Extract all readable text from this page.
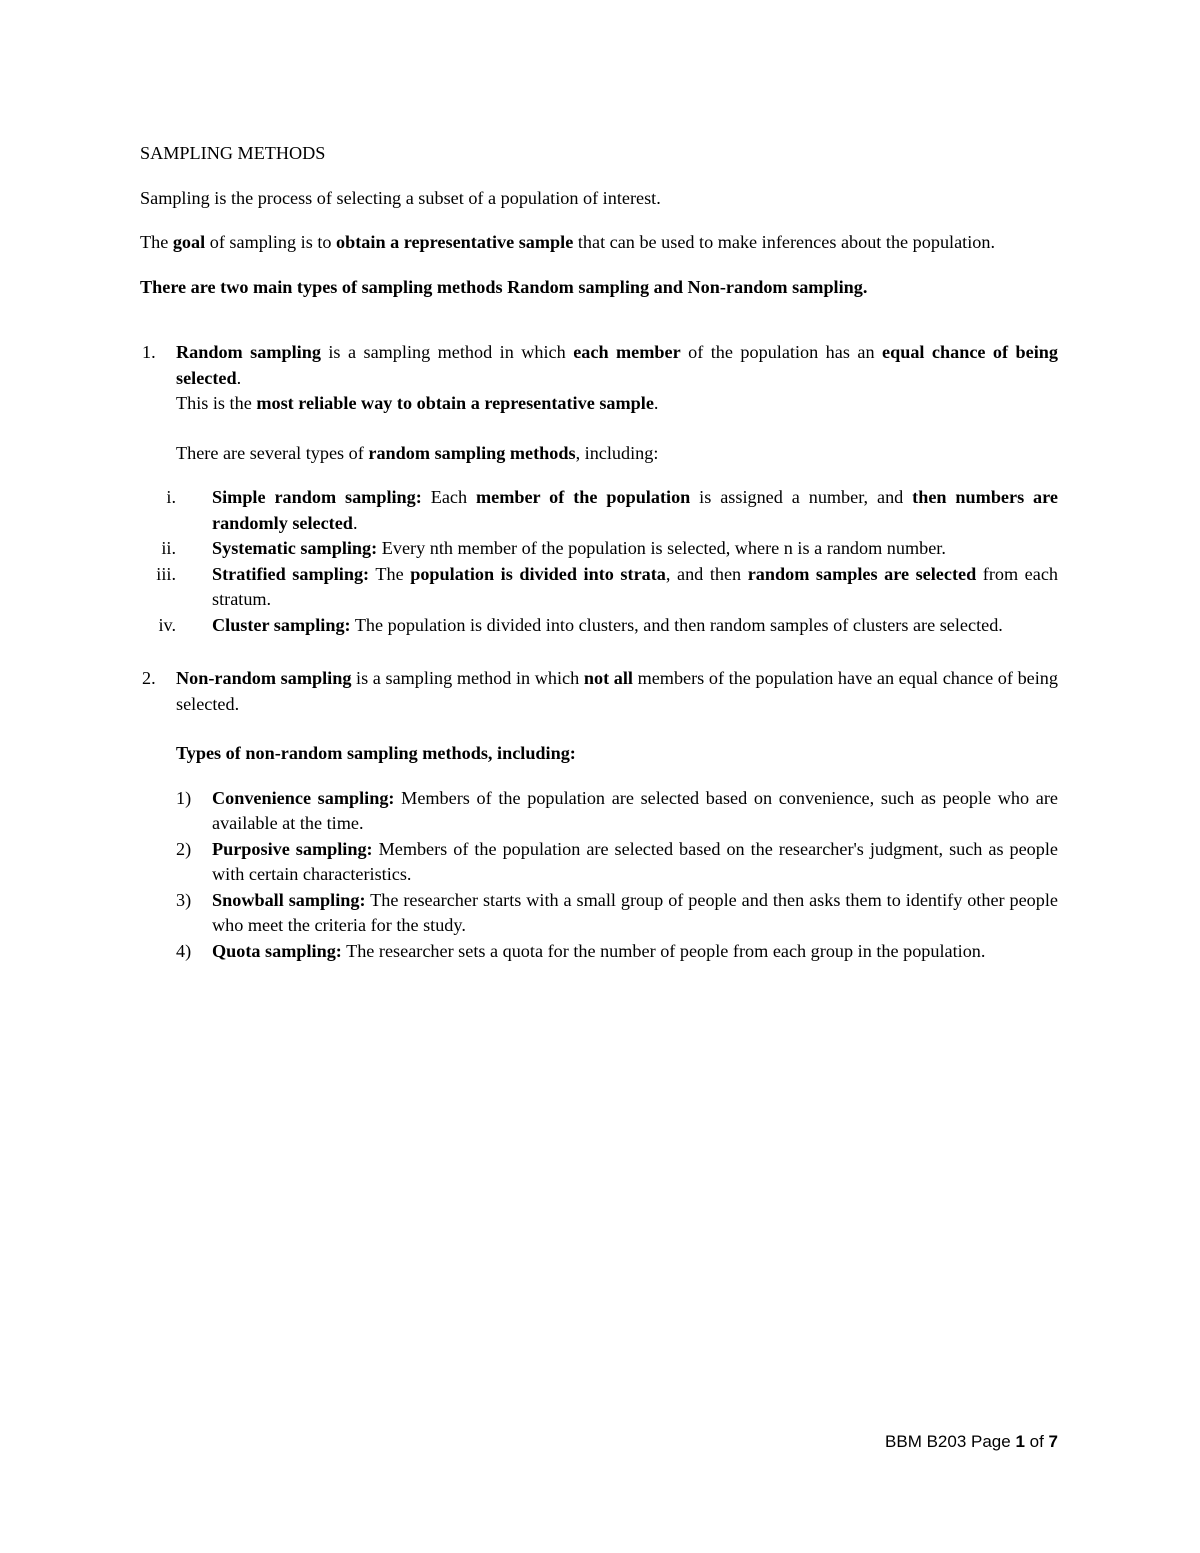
SAMPLING METHODS

Sampling is the process of selecting a subset of a population of interest.

The goal of sampling is to obtain a representative sample that can be used to make inferences about the population.

There are two main types of sampling methods Random sampling and Non-random sampling.

1. Random sampling is a sampling method in which each member of the population has an equal chance of being selected.
This is the most reliable way to obtain a representative sample.
There are several types of random sampling methods, including:

i. Simple random sampling: Each member of the population is assigned a number, and then numbers are randomly selected.

ii. Systematic sampling: Every nth member of the population is selected, where n is a random number.

iii. Stratified sampling: The population is divided into strata, and then random samples are selected from each stratum.

iv. Cluster sampling: The population is divided into clusters, and then random samples of clusters are selected.

2. Non-random sampling is a sampling method in which not all members of the population have an equal chance of being selected.
Types of non-random sampling methods, including:

1) Convenience sampling: Members of the population are selected based on convenience, such as people who are available at the time.

2) Purposive sampling: Members of the population are selected based on the researcher's judgment, such as people with certain characteristics.

3) Snowball sampling: The researcher starts with a small group of people and then asks them to identify other people who meet the criteria for the study.

4) Quota sampling: The researcher sets a quota for the number of people from each group in the population.

BBM B203 Page 1 of 7
